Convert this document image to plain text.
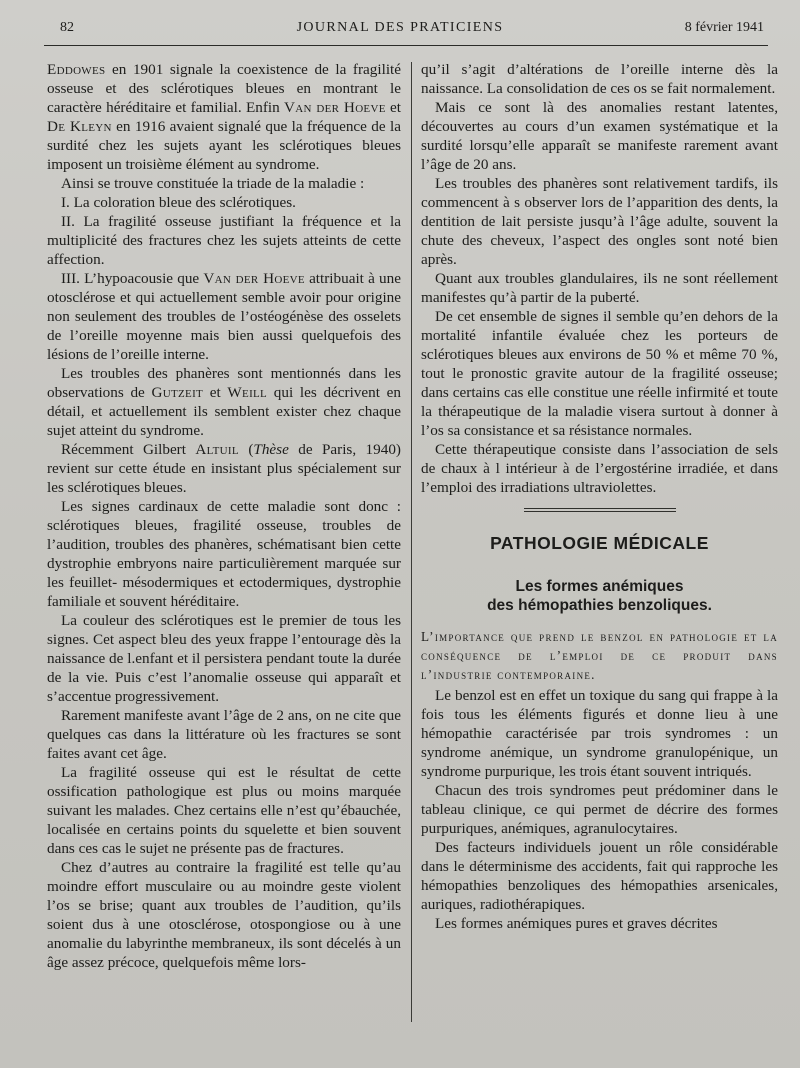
82	JOURNAL DES PRATICIENS	8 février 1941

Eddowes en 1901 signale la coexistence de la fragilité osseuse et des sclérotiques bleues en montrant le caractère héréditaire et familial. Enfin Van der Hoeve et De Kleyn en 1916 avaient signalé que la fréquence de la surdité chez les sujets ayant les sclérotiques bleues imposent un troisième élément au syndrome.

Ainsi se trouve constituée la triade de la maladie :

I. La coloration bleue des sclérotiques.

II. La fragilité osseuse justifiant la fréquence et la multiplicité des fractures chez les sujets atteints de cette affection.

III. L’hypoacousie que Van der Hoeve attribuait à une otosclérose et qui actuellement semble avoir pour origine non seulement des troubles de l’ostéogénèse des osselets de l’oreille moyenne mais bien aussi quelquefois des lésions de l’oreille interne.

Les troubles des phanères sont mentionnés dans les observations de Gutzeit et Weill qui les décrivent en détail, et actuellement ils semblent exister chez chaque sujet atteint du syndrome.

Récemment Gilbert Altuil (Thèse de Paris, 1940) revient sur cette étude en insistant plus spécialement sur les sclérotiques bleues.

Les signes cardinaux de cette maladie sont donc : sclérotiques bleues, fragilité osseuse, troubles de l’audition, troubles des phanères, schématisant bien cette dystrophie embryons naire particulièrement marquée sur les feuillet- mésodermiques et ectodermiques, dystrophie familiale et souvent héréditaire.

La couleur des sclérotiques est le premier de tous les signes. Cet aspect bleu des yeux frappe l’entourage dès la naissance de l.enfant et il persistera pendant toute la durée de la vie. Puis c’est l’anomalie osseuse qui apparaît et s’accentue progressivement.

Rarement manifeste avant l’âge de 2 ans, on ne cite que quelques cas dans la littérature où les fractures se sont faites avant cet âge.

La fragilité osseuse qui est le résultat de cette ossification pathologique est plus ou moins marquée suivant les malades. Chez certains elle n’est qu’ébauchée, localisée en certains points du squelette et bien souvent dans ces cas le sujet ne présente pas de fractures.

Chez d’autres au contraire la fragilité est telle qu’au moindre effort musculaire ou au moindre geste violent l’os se brise; quant aux troubles de l’audition, qu’ils soient dus à une otosclérose, otospongiose ou à une anomalie du labyrinthe membraneux, ils sont décelés à un âge assez précoce, quelquefois même lors-

qu’il s’agit d’altérations de l’oreille interne dès la naissance. La consolidation de ces os se fait normalement.

Mais ce sont là des anomalies restant latentes, découvertes au cours d’un examen systématique et la surdité lorsqu’elle apparaît se manifeste rarement avant l’âge de 20 ans.

Les troubles des phanères sont relativement tardifs, ils commencent à s observer lors de l’apparition des dents, la dentition de lait persiste jusqu’à l’âge adulte, souvent la chute des cheveux, l’aspect des ongles sont noté bien après.

Quant aux troubles glandulaires, ils ne sont réellement manifestes qu’à partir de la puberté.

De cet ensemble de signes il semble qu’en dehors de la mortalité infantile évaluée chez les porteurs de sclérotiques bleues aux environs de 50 % et même 70 %, tout le pronostic gravite autour de la fragilité osseuse; dans certains cas elle constitue une réelle infirmité et toute la thérapeutique de la maladie visera surtout à donner à l’os sa consistance et sa résistance normales.

Cette thérapeutique consiste dans l’association de sels de chaux à l intérieur à de l’ergostérine irradiée, et dans l’emploi des irradiations ultraviolettes.

PATHOLOGIE MÉDICALE
Les formes anémiques
des hémopathies benzoliques.

L’importance que prend le benzol en pathologie et la conséquence de l’emploi de ce produit dans l’industrie contemporaine.

Le benzol est en effet un toxique du sang qui frappe à la fois tous les éléments figurés et donne lieu à une hémopathie caractérisée par trois syndromes : un syndrome anémique, un syndrome granulopénique, un syndrome purpurique, les trois étant souvent intriqués.

Chacun des trois syndromes peut prédominer dans le tableau clinique, ce qui permet de décrire des formes purpuriques, anémiques, agranulocytaires.

Des facteurs individuels jouent un rôle considérable dans le déterminisme des accidents, fait qui rapproche les hémopathies benzoliques des hémopathies arsenicales, auriques, radiothérapiques.

Les formes anémiques pures et graves décrites
